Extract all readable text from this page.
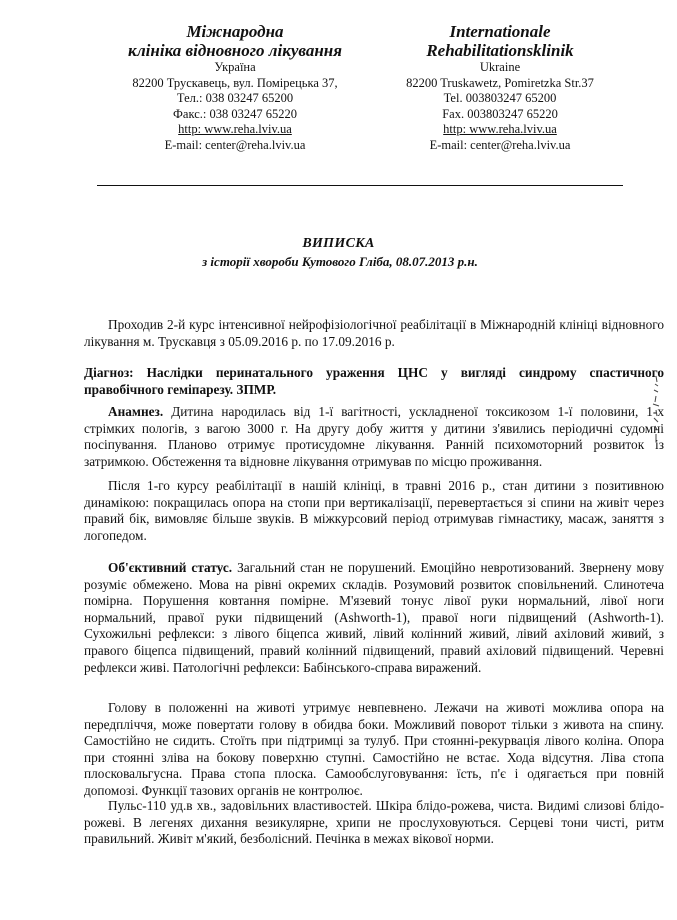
Міжнародна
клініка відновного лікування
Україна
82200 Трускавець, вул. Помірецька 37,
Тел.: 038 03247 65200
Факс.: 038 03247 65220
http: www.reha.lviv.ua
E-mail: center@reha.lviv.ua
Internationale
Rehabilitationsklinik
Ukraine
82200 Truskawetz, Pomiretzka Str.37
Tel. 003803247 65200
Fax. 003803247 65220
http: www.reha.lviv.ua
E-mail: center@reha.lviv.ua
ВИПИСКА
з історії хвороби Кутового Гліба, 08.07.2013 р.н.
Проходив 2-й курс інтенсивної нейрофізіологічної реабілітації в Міжнародній клініці відновного лікування м. Трускавця з 05.09.2016 р. по 17.09.2016 р.
Діагноз: Наслідки перинатального ураження ЦНС у вигляді синдрому спастичного правобічного геміпарезу. ЗПМР.
Анамнез. Дитина народилась від 1-ї вагітності, ускладненої токсикозом 1-ї половини, 1-х стрімких пологів, з вагою 3000 г. На другу добу життя у дитини з'явились періодичні судомні посіпування. Планово отримує протисудомне лікування. Ранній психомоторний розвиток із затримкою. Обстеження та відновне лікування отримував по місцю проживання.
Після 1-го курсу реабілітації в нашій клініці, в травні 2016 р., стан дитини з позитивною динамікою: покращилась опора на стопи при вертикалізації, перевертається зі спини на живіт через правий бік, вимовляє більше звуків. В міжкурсовий період отримував гімнастику, масаж, заняття з логопедом.
Об'єктивний статус. Загальний стан не порушений. Емоційно невротизований. Звернену мову розуміє обмежено. Мова на рівні окремих складів. Розумовий розвиток сповільнений. Слинотеча помірна. Порушення ковтання помірне. М'язевий тонус лівої руки нормальний, лівої ноги нормальний, правої руки підвищений (Ashworth-1), правої ноги підвищений (Ashworth-1). Сухожильні рефлекси: з лівого біцепса живий, лівий колінний живий, лівий ахіловий живий, з правого біцепса підвищений, правий колінний підвищений, правий ахіловий підвищений. Черевні рефлекси живі. Патологічні рефлекси: Бабінського-справа виражений.
Голову в положенні на животі утримує невпевнено. Лежачи на животі можлива опора на передпліччя, може повертати голову в обидва боки. Можливий поворот тільки з живота на спину. Самостійно не сидить. Стоїть при підтримці за тулуб. При стоянні-рекурвація лівого коліна. Опора при стоянні зліва на бокову поверхню ступні. Самостійно не встає. Хода відсутня. Ліва стопа плосковальгусна. Права стопа плоска. Самообслуговування: їсть, п'є і одягається при повній допомозі. Функції тазових органів не контролює.
Пульс-110 уд.в хв., задовільних властивостей. Шкіра блідо-рожева, чиста. Видимі слизові блідо-рожеві. В легенях дихання везикулярне, хрипи не прослуховуються. Серцеві тони чисті, ритм правильний. Живіт м'який, безболісний. Печінка в межах вікової норми.
